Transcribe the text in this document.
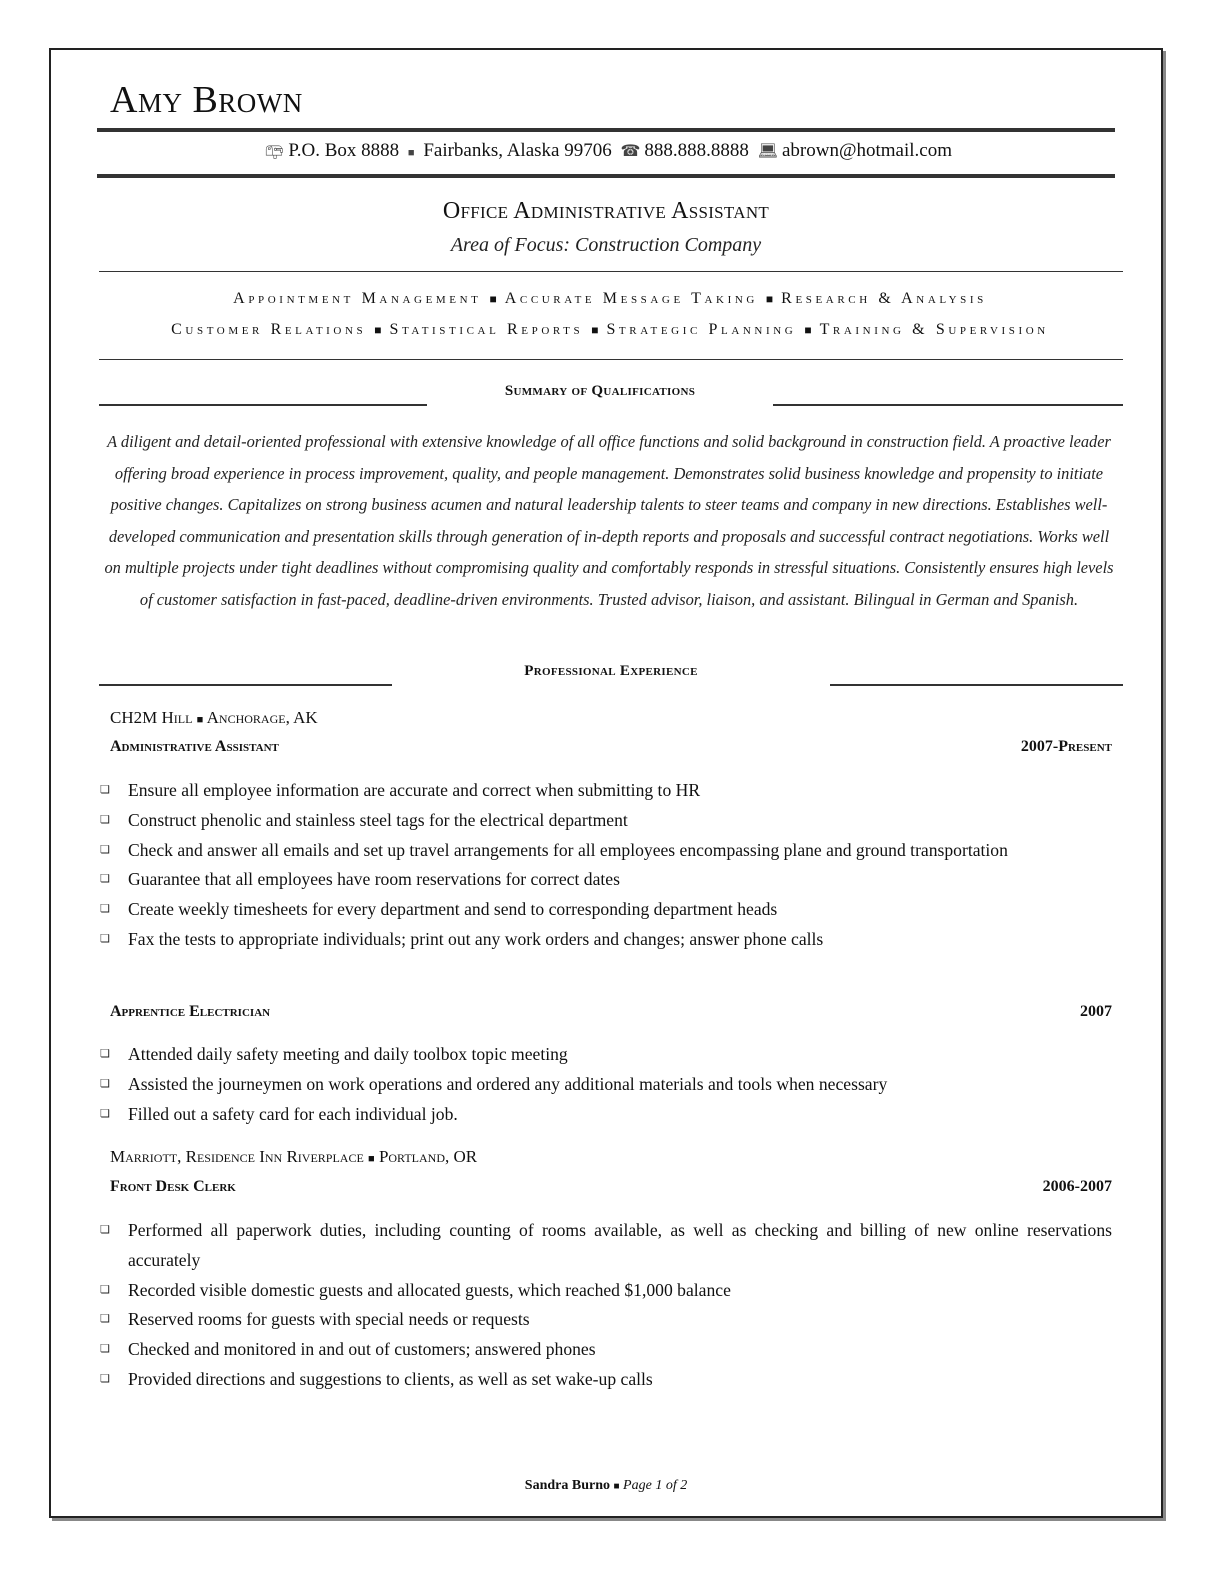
Amy Brown
📪︎ P.O. Box 8888 ■ Fairbanks, Alaska 99706 ☎︎ 888.888.8888 💻︎ abrown@hotmail.com
Office Administrative Assistant
Area of Focus: Construction Company
Appointment Management ■ Accurate Message Taking ■ Research & Analysis
Customer Relations ■ Statistical Reports ■ Strategic Planning ■ Training & Supervision
Summary of Qualifications
A diligent and detail-oriented professional with extensive knowledge of all office functions and solid background in construction field. A proactive leader offering broad experience in process improvement, quality, and people management. Demonstrates solid business knowledge and propensity to initiate positive changes. Capitalizes on strong business acumen and natural leadership talents to steer teams and company in new directions. Establishes well-developed communication and presentation skills through generation of in-depth reports and proposals and successful contract negotiations. Works well on multiple projects under tight deadlines without compromising quality and comfortably responds in stressful situations. Consistently ensures high levels of customer satisfaction in fast-paced, deadline-driven environments. Trusted advisor, liaison, and assistant. Bilingual in German and Spanish.
Professional Experience
CH2M Hill ■ Anchorage, AK
Administrative Assistant	2007-Present
❏ Ensure all employee information are accurate and correct when submitting to HR
❏ Construct phenolic and stainless steel tags for the electrical department
❏ Check and answer all emails and set up travel arrangements for all employees encompassing plane and ground transportation
❏ Guarantee that all employees have room reservations for correct dates
❏ Create weekly timesheets for every department and send to corresponding department heads
❏ Fax the tests to appropriate individuals; print out any work orders and changes; answer phone calls
Apprentice Electrician	2007
❏ Attended daily safety meeting and daily toolbox topic meeting
❏ Assisted the journeymen on work operations and ordered any additional materials and tools when necessary
❏ Filled out a safety card for each individual job.
Marriott, Residence Inn Riverplace ■ Portland, OR
Front Desk Clerk	2006-2007
❏ Performed all paperwork duties, including counting of rooms available, as well as checking and billing of new online reservations accurately
❏ Recorded visible domestic guests and allocated guests, which reached $1,000 balance
❏ Reserved rooms for guests with special needs or requests
❏ Checked and monitored in and out of customers; answered phones
❏ Provided directions and suggestions to clients, as well as set wake-up calls
Sandra Burno ■ Page 1 of 2
